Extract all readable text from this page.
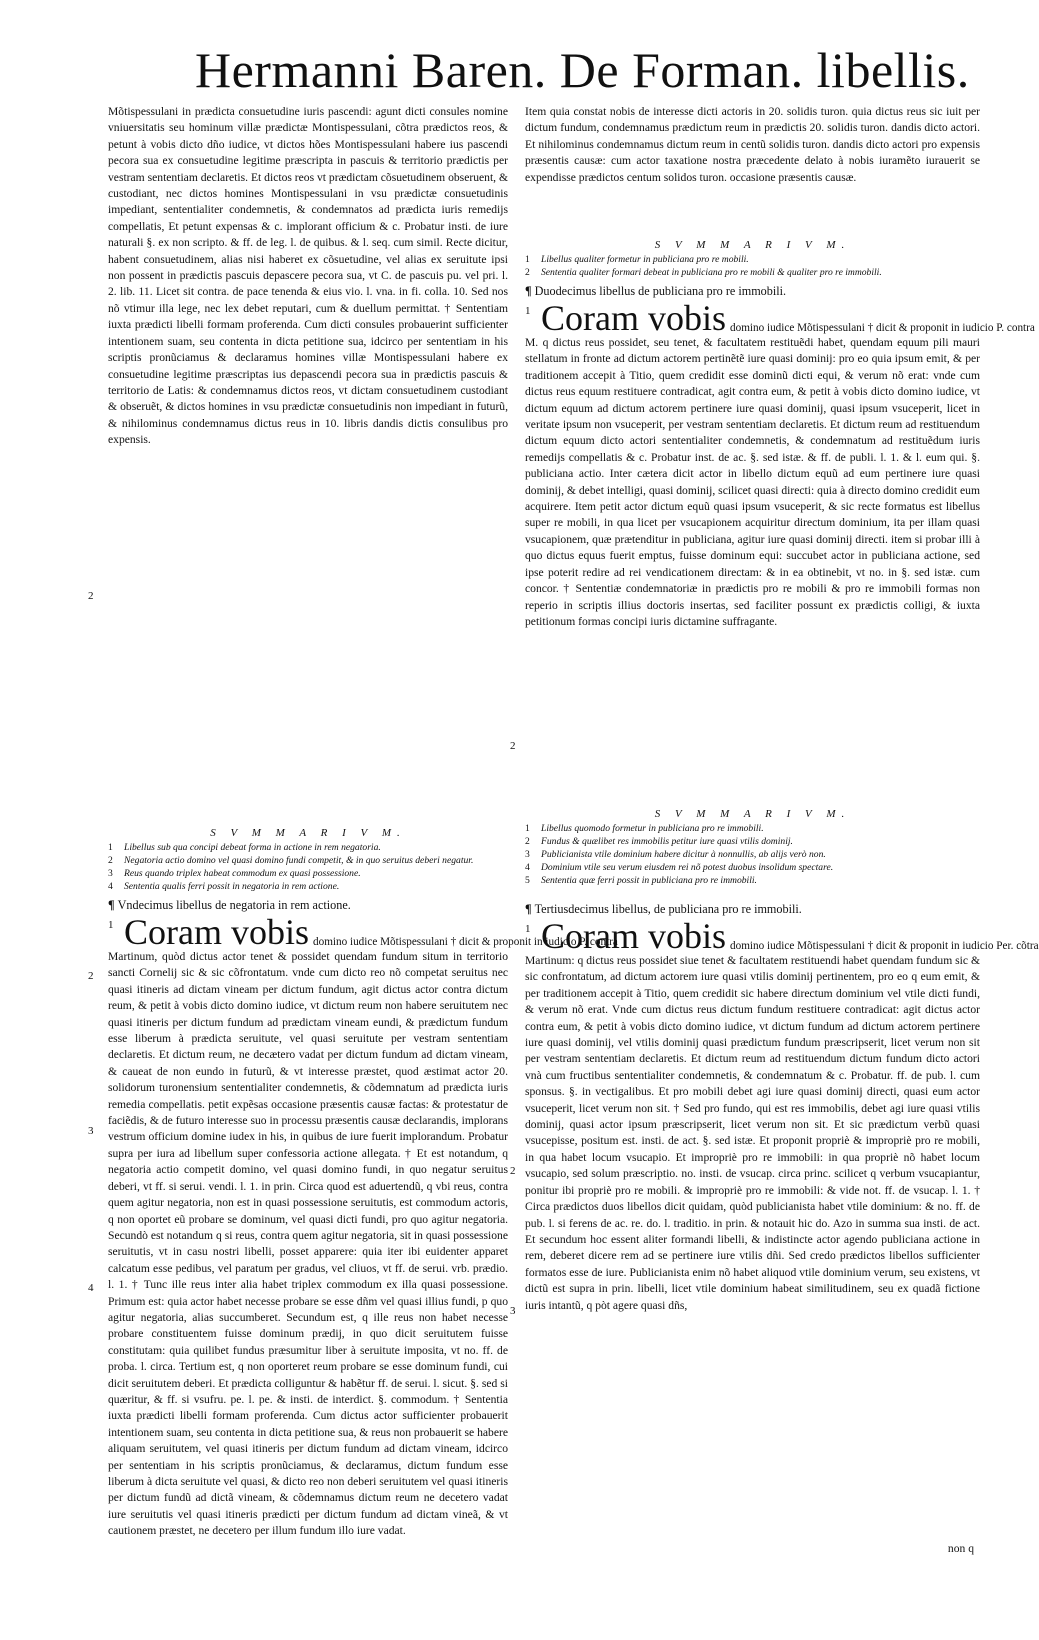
Hermanni Baren. De Forman. libellis.

Mõtispessulani in prædicta consuetudine iuris pascendi: agunt dicti consules nomine vniuersitatis seu hominum villæ prædictæ Montispessulani, cõtra prædictos reos, & petunt à vobis dicto dño iudice, vt dictos hões Montispessulani habere ius pascendi pecora sua ex consuetudine legitime præscripta in pascuis & territorio prædictis per vestram sententiam declaretis. Et dictos reos vt prædictam cõsuetudinem obseruent, & custodiant, nec dictos homines Montispessulani in vsu prædictæ consuetudinis impediant, sententialiter condemnetis, & condemnatos ad prædicta iuris remedijs compellatis, Et petunt expensas & c. implorant officium & c. Probatur insti. de iure naturali §. ex non scripto. & ff. de leg. l. de quibus. & l. seq. cum simil. Recte dicitur, habent consuetudinem, alias nisi haberet ex cõsuetudine, vel alias ex seruitute ipsi non possent in prædictis pascuis depascere pecora sua, vt C. de pascuis pu. vel pri. l. 2. lib. 11. Licet sit contra. de pace tenenda & eius vio. l. vna. in fi. colla. 10. Sed nos nõ vtimur illa lege, nec lex debet reputari, cum & duellum permittat. † Sententiam iuxta prædicti libelli formam proferenda. Cum dicti consules probauerint sufficienter intentionem suam, seu contenta in dicta petitione sua, idcirco per sententiam in his scriptis pronũciamus & declaramus homines villæ Montispessulani habere ex consuetudine legitime præscriptas ius depascendi pecora sua in prædictis pascuis & territorio de Latis: & condemnamus dictos reos, vt dictam consuetudinem custodiant & obseruẽt, & dictos homines in vsu prædictæ consuetudinis non impediant in futurũ, & nihilominus condemnamus dictus reus in 10. libris dandis dictis consulibus pro expensis.

S V M M A R I V M.
1	Libellus sub qua concipi debeat forma in actione in rem negatoria.
2	Negatoria actio domino vel quasi domino fundi competit, & in quo seruitus deberi negatur.
3	Reus quando triplex habeat commodum ex quasi possessione.
4	Sententia qualis ferri possit in negatoria in rem actione.
¶ Vndecimus libellus de negatoria in rem actione.
1 Coram vobis domino iudice Mõtispessulani † dicit & proponit in iudicio P. contra

Martinum, quòd dictus actor tenet & possidet quendam fundum situm in territorio sancti Cornelij sic & sic cõfrontatum. vnde cum dicto reo nõ competat seruitus nec quasi itineris ad dictam vineam per dictum fundum, agit dictus actor contra dictum reum, & petit à vobis dicto domino iudice, vt dictum reum non habere seruitutem nec quasi itineris per dictum fundum ad prædictam vineam eundi, & prædictum fundum esse liberum à prædicta seruitute, vel quasi seruitute per vestram sententiam declaretis. Et dictum reum, ne decætero vadat per dictum fundum ad dictam vineam, & caueat de non eundo in futurũ, & vt interesse præstet, quod æstimat actor 20. solidorum turonensium sententialiter condemnetis, & cõdemnatum ad prædicta iuris remedia compellatis. petit expẽsas occasione præsentis causæ factas: & protestatur de faciẽdis, & de futuro interesse suo in processu præsentis causæ declarandis, implorans vestrum officium domine iudex in his, in quibus de iure fuerit implorandum. Probatur supra per iura ad libellum super confessoria actione allegata. † Et est notandum, q negatoria actio competit domino, vel quasi domino fundi, in quo negatur seruitus deberi, vt ff. si serui. vendi. l. 1. in prin. Circa quod est aduertendũ, q vbi reus, contra quem agitur negatoria, non est in quasi possessione seruitutis, est commodum actoris, q non oportet eũ probare se dominum, vel quasi dicti fundi, pro quo agitur negatoria. Secundò est notandum q si reus, contra quem agitur negatoria, sit in quasi possessione seruitutis, vt in casu nostri libelli, posset apparere: quia iter ibi euidenter apparet calcatum esse pedibus, vel paratum per gradus, vel cliuos, vt ff. de serui. vrb. prædio. l. 1. † Tunc ille reus inter alia habet triplex commodum ex illa quasi possessione. Primum est: quia actor habet necesse probare se esse dñm vel quasi illius fundi, p quo agitur negatoria, alias succumberet. Secundum est, q ille reus non habet necesse probare constituentem fuisse dominum prædij, in quo dicit seruitutem fuisse constitutam: quia quilibet fundus præsumitur liber à seruitute imposita, vt no. ff. de proba. l. circa. Tertium est, q non oporteret reum probare se esse dominum fundi, cui dicit seruitutem deberi. Et prædicta colliguntur & habẽtur ff. de serui. l. sicut. §. sed si quæritur, & ff. si vsufru. pe. l. pe. & insti. de interdict. §. commodum. † Sententia iuxta prædicti libelli formam proferenda. Cum dictus actor sufficienter probauerit intentionem suam, seu contenta in dicta petitione sua, & reus non probauerit se habere aliquam seruitutem, vel quasi itineris per dictum fundum ad dictam vineam, idcirco per sententiam in his scriptis pronũciamus, & declaramus, dictum fundum esse liberum à dicta seruitute vel quasi, & dicto reo non deberi seruitutem vel quasi itineris per dictum fundũ ad dictã vineam, & cõdemnamus dictum reum ne decetero vadat iure seruitutis vel quasi itineris prædicti per dictum fundum ad dictam vineã, & vt cautionem præstet, ne decetero per illum fundum illo iure vadat.

Item quia constat nobis de interesse dicti actoris in 20. solidis turon. quia dictus reus sic iuit per dictum fundum, condemnamus prædictum reum in prædictis 20. solidis turon. dandis dicto actori. Et nihilominus condemnamus dictum reum in centũ solidis turon. dandis dicto actori pro expensis præsentis causæ: cum actor taxatione nostra præcedente delato à nobis iuramẽto iurauerit se expendisse prædictos centum solidos turon. occasione præsentis causæ.

S V M M A R I V M.
1	Libellus qualiter formetur in publiciana pro re mobili.
2	Sententia qualiter formari debeat in publiciana pro re mobili & qualiter pro re immobili.
¶ Duodecimus libellus de publiciana pro re immobili.
1 Coram vobis domino iudice Mõtispessulani † dicit & proponit in iudicio P. contra

M. q dictus reus possidet, seu tenet, & facultatem restituẽdi habet, quendam equum pili mauri stellatum in fronte ad dictum actorem pertinẽtẽ iure quasi dominij: pro eo quia ipsum emit, & per traditionem accepit à Titio, quem credidit esse dominũ dicti equi, & verum nõ erat: vnde cum dictus reus equum restituere contradicat, agit contra eum, & petit à vobis dicto domino iudice, vt dictum equum ad dictum actorem pertinere iure quasi dominij, quasi ipsum vsuceperit, licet in veritate ipsum non vsuceperit, per vestram sententiam declaretis. Et dictum reum ad restituendum dictum equum dicto actori sententialiter condemnetis, & condemnatum ad restituẽdum iuris remedijs compellatis & c. Probatur inst. de ac. §. sed istæ. & ff. de publi. l. 1. & l. eum qui. §. publiciana actio. Inter cætera dicit actor in libello dictum equũ ad eum pertinere iure quasi dominij, & debet intelligi, quasi dominij, scilicet quasi directi: quia à directo domino credidit eum acquirere. Item petit actor dictum equũ quasi ipsum vsuceperit, & sic recte formatus est libellus super re mobili, in qua licet per vsucapionem acquiritur directum dominium, ita per illam quasi vsucapionem, quæ prætenditur in publiciana, agitur iure quasi dominij directi. item si probar illi à quo dictus equus fuerit emptus, fuisse dominum equi: succubet actor in publiciana actione, sed ipse poterit redire ad rei vendicationem directam: & in ea obtinebit, vt no. in §. sed istæ. cum concor. † Sententiæ condemnatoriæ in prædictis pro re mobili & pro re immobili formas non reperio in scriptis illius doctoris insertas, sed faciliter possunt ex prædictis colligi, & iuxta petitionum formas concipi iuris dictamine suffragante.

S V M M A R I V M.
1	Libellus quomodo formetur in publiciana pro re immobili.
2	Fundus & quælibet res immobilis petitur iure quasi vtilis dominij.
3	Publicianista vtile dominium habere dicitur à nonnullis, ab alijs verò non.
4	Dominium vtile seu verum eiusdem rei nõ potest duobus insolidum spectare.
5	Sententia quæ ferri possit in publiciana pro re immobili.
¶ Tertiusdecimus libellus, de publiciana pro re immobili.
1 Coram vobis domino iudice Mõtispessulani † dicit & proponit in iudicio Per. cõtra

Martinum: q dictus reus possidet siue tenet & facultatem restituendi habet quendam fundum sic & sic confrontatum, ad dictum actorem iure quasi vtilis dominij pertinentem, pro eo q eum emit, & per traditionem accepit à Titio, quem credidit sic habere directum dominium vel vtile dicti fundi, & verum nõ erat. Vnde cum dictus reus dictum fundum restituere contradicat: agit dictus actor contra eum, & petit à vobis dicto domino iudice, vt dictum fundum ad dictum actorem pertinere iure quasi dominij, vel vtilis dominij quasi prædictum fundum præscripserit, licet verum non sit per vestram sententiam declaretis. Et dictum reum ad restituendum dictum fundum dicto actori vnà cum fructibus sententialiter condemnetis, & condemnatum & c. Probatur. ff. de pub. l. cum sponsus. §. in vectigalibus. Et pro mobili debet agi iure quasi dominij directi, quasi eum actor vsuceperit, licet verum non sit. † Sed pro fundo, qui est res immobilis, debet agi iure quasi vtilis dominij, quasi actor ipsum præscripserit, licet verum non sit. Et sic prædictum verbũ quasi vsucepisse, positum est. insti. de act. §. sed istæ. Et proponit propriè & impropriè pro re mobili, in qua habet locum vsucapio. Et impropriè pro re immobili: in qua propriè nõ habet locum vsucapio, sed solum præscriptio. no. insti. de vsucap. circa princ. scilicet q verbum vsucapiantur, ponitur ibi propriè pro re mobili. & impropriè pro re immobili: & vide not. ff. de vsucap. l. 1. † Circa prædictos duos libellos dicit quidam, quòd publicianista habet vtile dominium: & no. ff. de pub. l. si ferens de ac. re. do. l. traditio. in prin. & notauit hic do. Azo in summa sua insti. de act. Et secundum hoc essent aliter formandi libelli, & indistincte actor agendo publiciana actione in rem, deberet dicere rem ad se pertinere iure vtilis dñi. Sed credo prædictos libellos sufficienter formatos esse de iure. Publicianista enim nõ habet aliquod vtile dominium verum, seu existens, vt dictũ est supra in prin. libelli, licet vtile dominium habeat similitudinem, seu ex quadã fictione iuris intantũ, q pòt agere quasi dñs,

non q
2
2
3
4
2
2
3
